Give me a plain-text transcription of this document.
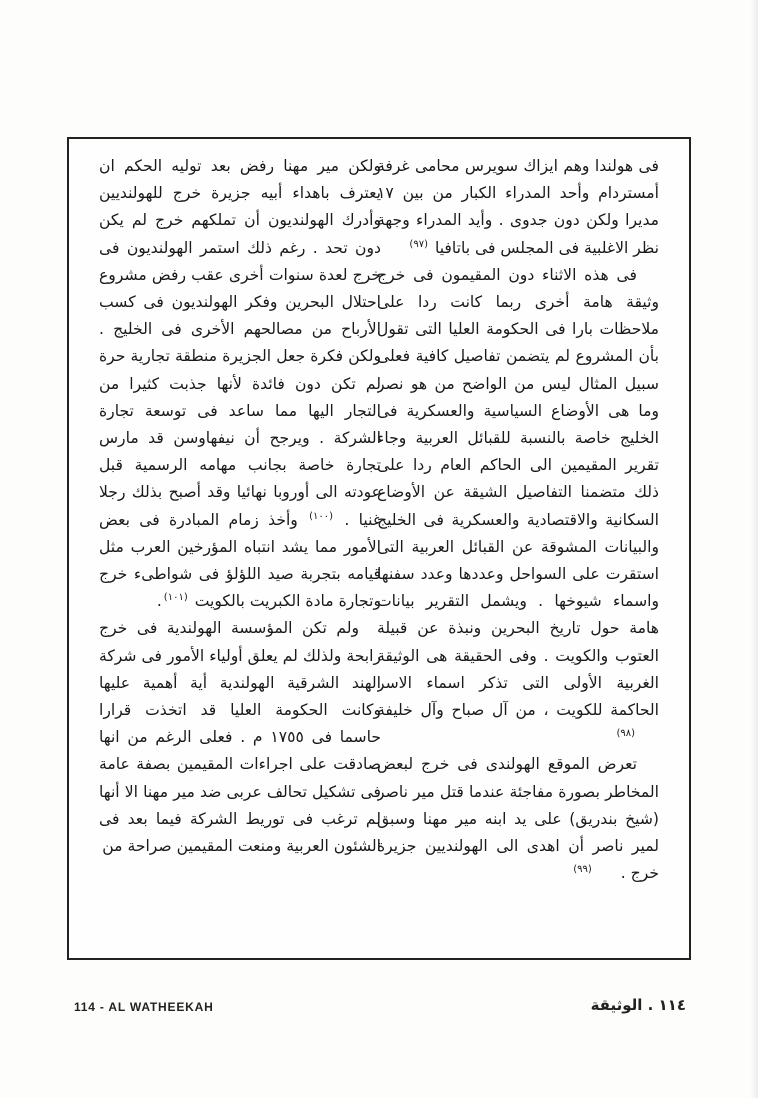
فى هولندا وهم ايزاك سويرس محامى غرفة أمستردام وأحد المدراء الكبار من بين ١٧ مديرا ولكن دون جدوى . وأيد المدراء وجهة نظر الاغلبية فى المجلس فى باتافيا (٩٧)

فى هذه الاثناء دون المقيمون فى خرج وثيقة هامة أخرى ربما كانت ردا على ملاحظات بارا فى الحكومة العليا التى تقول بأن المشروع لم يتضمن تفاصيل كافية فعلى سبيل المثال ليس من الواضح من هو نصر وما هى الأوضاع السياسية والعسكرية فى الخليج خاصة بالنسبة للقبائل العربية وجاء تقرير المقيمين الى الحاكم العام ردا على ذلك متضمنا التفاصيل الشيقة عن الأوضاع السكانية والاقتصادية والعسكرية فى الخليج والبيانات المشوقة عن القبائل العربية التى استقرت على السواحل وعددها وعدد سفنها واسماء شيوخها . ويشمل التقرير بيانات هامة حول تاريخ البحرين ونبذة عن قبيلة العتوب والكويت . وفى الحقيقة هى الوثيقة الغربية الأولى التى تذكر اسماء الاسر الحاكمة للكويت ، من آل صباح وآل خليفة (٩٨)

تعرض الموقع الهولندى فى خرج لبعض المخاطر بصورة مفاجئة عندما قتل مير ناصر (شيخ بندريق) على يد ابنه مير مهنا وسبق لمير ناصر أن اهدى الى الهولنديين جزيرة خرج . (٩٩)

ولكن مير مهنا رفض بعد توليه الحكم ان يعترف باهداء أبيه جزيرة خرج للهولنديين وأدرك الهولنديون أن تملكهم خرج لم يكن دون تحد . رغم ذلك استمر الهولنديون فى خرج لعدة سنوات أخرى عقب رفض مشروع احتلال البحرين وفكر الهولنديون فى كسب الأرباح من مصالحهم الأخرى فى الخليج . ولكن فكرة جعل الجزيرة منطقة تجارية حرة لم تكن دون فائدة لأنها جذبت كثيرا من التجار اليها مما ساعد فى توسعة تجارة الشركة . ويرجح أن نيفهاوسن قد مارس تجارة خاصة بجانب مهامه الرسمية قبل عودته الى أوروبا نهائيا وقد أصبح بذلك رجلا غنيا . (١٠٠) وأخذ زمام المبادرة فى بعض الأمور مما يشد انتباه المؤرخين العرب مثل قيامه بتجربة صيد اللؤلؤ فى شواطىء خرج وتجارة مادة الكبريت بالكويت (١٠١).

ولم تكن المؤسسة الهولندية فى خرج رابحة ولذلك لم يعلق أولياء الأمور فى شركة الهند الشرقية الهولندية أية أهمية عليها وكانت الحكومة العليا قد اتخذت قرارا حاسما فى ١٧٥٥ م . فعلى الرغم من انها صادقت على اجراءات المقيمين بصفة عامة فى تشكيل تحالف عربى ضد مير مهنا الا أنها لم ترغب فى توريط الشركة فيما بعد فى الشئون العربية ومنعت المقيمين صراحة من

114 - AL WATHEEKAH	١١٤ . الوثيقة
